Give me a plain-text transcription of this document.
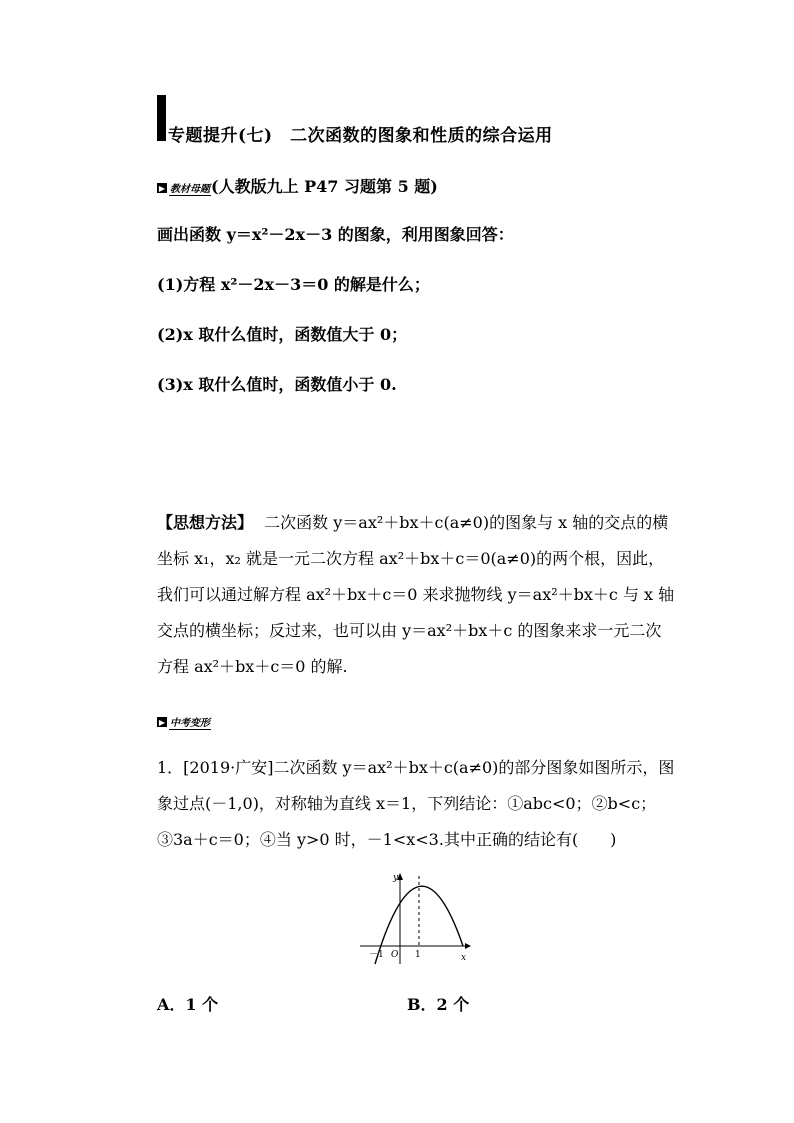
专题提升(七)　二次函数的图象和性质的综合运用
▶ 教材母题(人教版九上 P47 习题第 5 题)
画出函数 y＝x²－2x－3 的图象，利用图象回答：
(1)方程 x²－2x－3＝0 的解是什么；
(2)x 取什么值时，函数值大于 0；
(3)x 取什么值时，函数值小于 0.
【思想方法】 二次函数 y＝ax²＋bx＋c(a≠0)的图象与 x 轴的交点的横坐标 x₁，x₂ 就是一元二次方程 ax²＋bx＋c＝0(a≠0)的两个根，因此，我们可以通过解方程 ax²＋bx＋c＝0 来求抛物线 y＝ax²＋bx＋c 与 x 轴交点的横坐标；反过来，也可以由 y＝ax²＋bx＋c 的图象来求一元二次方程 ax²＋bx＋c＝0 的解.
▶ 中考变形
1．[2019·广安]二次函数 y＝ax²＋bx＋c(a≠0)的部分图象如图所示，图象过点(－1,0)，对称轴为直线 x＝1，下列结论：①abc<0；②b<c；③3a＋c＝0；④当 y>0 时，－1<x<3.其中正确的结论有(　　)
y
x
O
－1	1
A．1 个	B．2 个
